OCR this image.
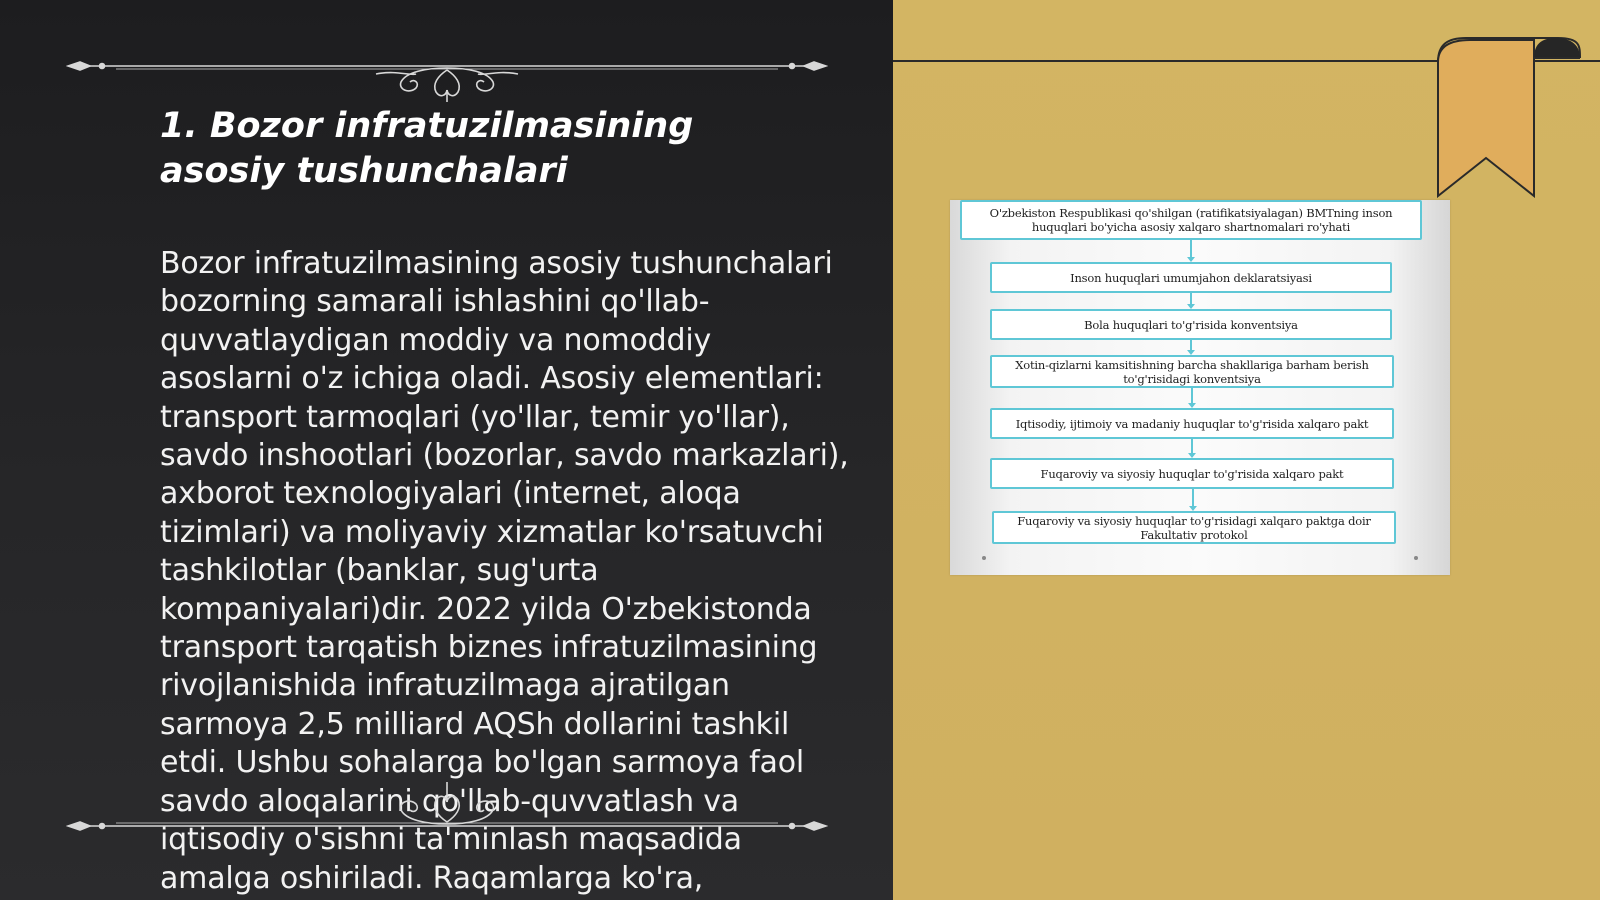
1. Bozor infratuzilmasining asosiy tushunchalari

Bozor infratuzilmasining asosiy tushunchalari bozorning samarali ishlashini qo'llab-quvvatlaydigan moddiy va nomoddiy asoslarni o'z ichiga oladi. Asosiy elementlari: transport tarmoqlari (yo'llar, temir yo'llar), savdo inshootlari (bozorlar, savdo markazlari), axborot texnologiyalari (internet, aloqa tizimlari) va moliyaviy xizmatlar ko'rsatuvchi tashkilotlar (banklar, sug'urta kompaniyalari)dir. 2022 yilda O'zbekistonda transport tarqatish biznes infratuzilmasining rivojlanishida infratuzilmaga ajratilgan sarmoya 2,5 milliard AQSh dollarini tashkil etdi. Ushbu sohalarga bo'lgan sarmoya faol savdo aloqalarini qo'llab-quvvatlash va iqtisodiy o'sishni ta'minlash maqsadida amalga oshiriladi. Raqamlarga ko'ra,

O'zbekiston Respublikasi qo'shilgan (ratifikatsiyalagan) BMTning inson huquqlari bo'yicha asosiy xalqaro shartnomalari ro'yhati
Inson huquqlari umumjahon deklaratsiyasi
Bola huquqlari to'g'risida konventsiya
Xotin-qizlarni kamsitishning barcha shakllariga barham berish to'g'risidagi konventsiya
Iqtisodiy, ijtimoiy va madaniy huquqlar to'g'risida xalqaro pakt
Fuqaroviy va siyosiy huquqlar to'g'risida xalqaro pakt
Fuqaroviy va siyosiy huquqlar to'g'risidagi xalqaro paktga doir Fakultativ protokol
